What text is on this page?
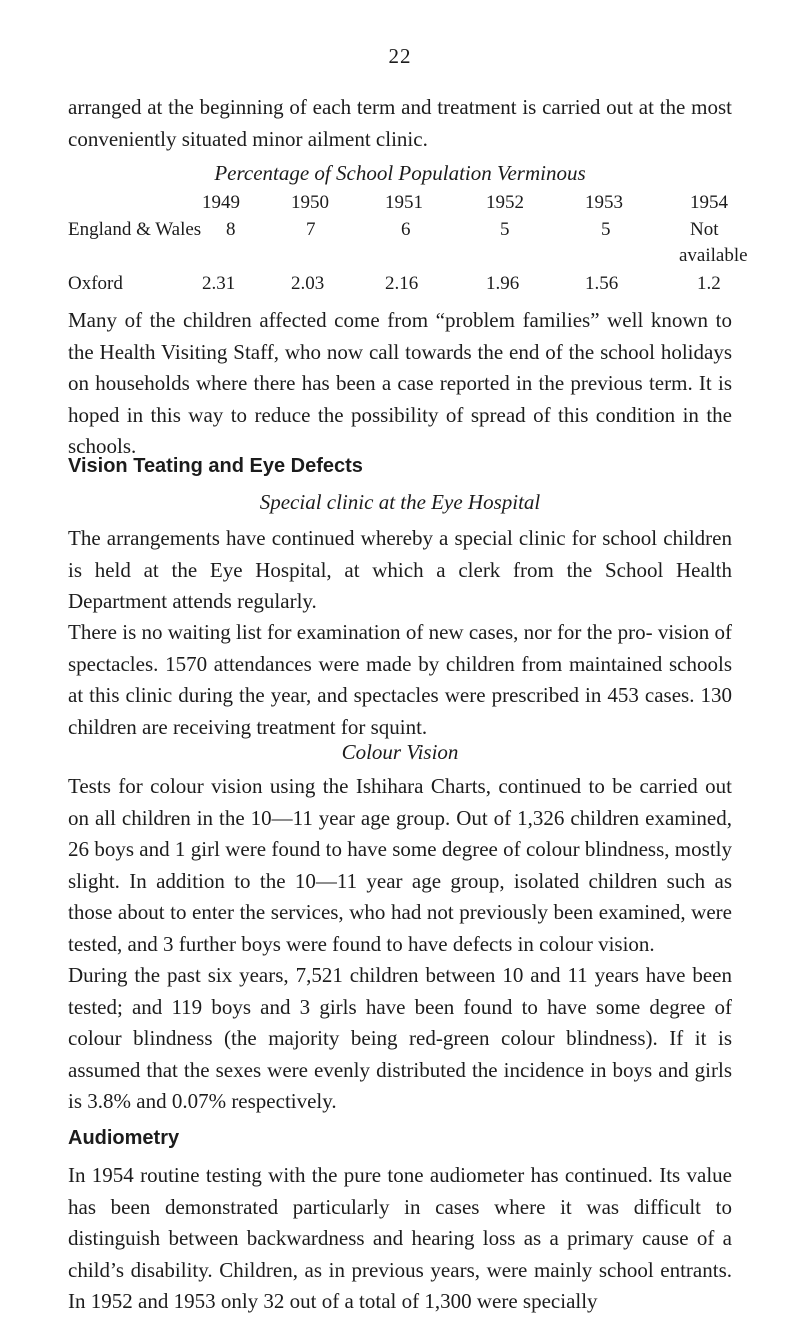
22

arranged at the beginning of each term and treatment is carried out at the most conveniently situated minor ailment clinic.

Percentage of School Population Verminous

1949	1950	1951	1952	1953	1954
England & Wales 8	7	6	5	5	Not
available
Oxford	2.31	2.03	2.16	1.96	1.56	1.2

Many of the children affected come from “problem families” well known to the Health Visiting Staff, who now call towards the end of the school holidays on households where there has been a case reported in the previous term. It is hoped in this way to reduce the possibility of spread of this condition in the schools.

Vision Teating and Eye Defects

Special clinic at the Eye Hospital

The arrangements have continued whereby a special clinic for school children is held at the Eye Hospital, at which a clerk from the School Health Department attends regularly.

There is no waiting list for examination of new cases, nor for the pro- vision of spectacles. 1570 attendances were made by children from maintained schools at this clinic during the year, and spectacles were prescribed in 453 cases. 130 children are receiving treatment for squint.

Colour Vision

Tests for colour vision using the Ishihara Charts, continued to be carried out on all children in the 10—11 year age group. Out of 1,326 children examined, 26 boys and 1 girl were found to have some degree of colour blindness, mostly slight. In addition to the 10—11 year age group, isolated children such as those about to enter the services, who had not previously been examined, were tested, and 3 further boys were found to have defects in colour vision.

During the past six years, 7,521 children between 10 and 11 years have been tested; and 119 boys and 3 girls have been found to have some degree of colour blindness (the majority being red-green colour blindness). If it is assumed that the sexes were evenly distributed the incidence in boys and girls is 3.8% and 0.07% respectively.

Audiometry

In 1954 routine testing with the pure tone audiometer has continued. Its value has been demonstrated particularly in cases where it was difficult to distinguish between backwardness and hearing loss as a primary cause of a child’s disability. Children, as in previous years, were mainly school entrants. In 1952 and 1953 only 32 out of a total of 1,300 were specially
